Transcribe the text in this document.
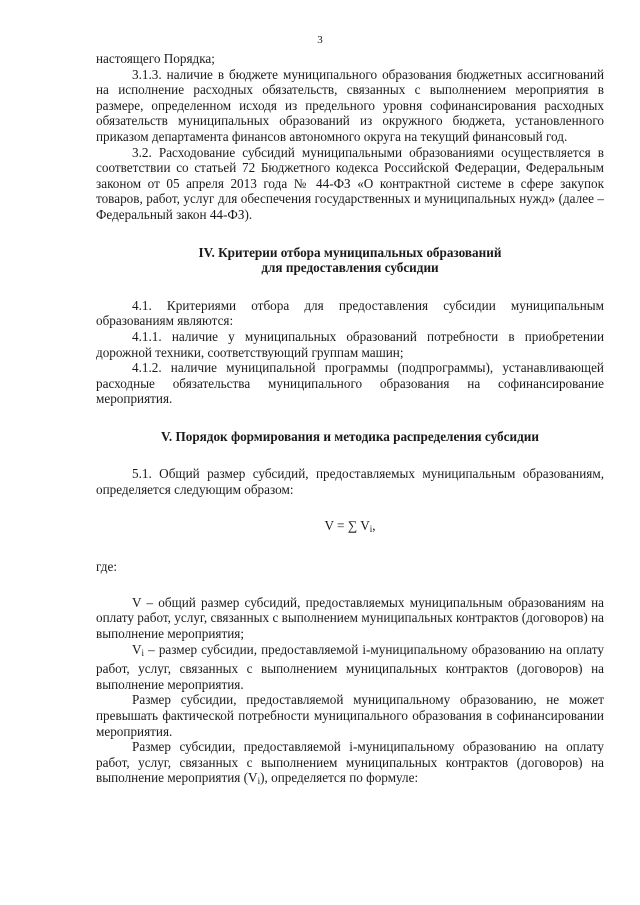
3

настоящего Порядка;

3.1.3. наличие в бюджете муниципального образования бюджетных ассигнований на исполнение расходных обязательств, связанных с выполнением мероприятия в размере, определенном исходя из предельного уровня софинансирования расходных обязательств муниципальных образований из окружного бюджета, установленного приказом департамента финансов автономного округа на текущий финансовый год.

3.2. Расходование субсидий муниципальными образованиями осуществляется в соответствии со статьей 72 Бюджетного кодекса Российской Федерации, Федеральным законом от 05 апреля 2013 года № 44-ФЗ «О контрактной системе в сфере закупок товаров, работ, услуг для обеспечения государственных и муниципальных нужд» (далее – Федеральный закон 44-ФЗ).

IV. Критерии отбора муниципальных образований
для предоставления субсидии

4.1. Критериями отбора для предоставления субсидии муниципальным образованиям являются:

4.1.1. наличие у муниципальных образований потребности в приобретении дорожной техники, соответствующий группам машин;

4.1.2. наличие муниципальной программы (подпрограммы), устанавливающей расходные обязательства муниципального образования на софинансирование мероприятия.

V. Порядок формирования и методика распределения субсидии

5.1. Общий размер субсидий, предоставляемых муниципальным образованиям, определяется следующим образом:

V = ∑ $V_i$,

где:

V – общий размер субсидий, предоставляемых муниципальным образованиям на оплату работ, услуг, связанных с выполнением муниципальных контрактов (договоров) на выполнение мероприятия;

$V_i$ – размер субсидии, предоставляемой i-муниципальному образованию на оплату работ, услуг, связанных с выполнением муниципальных контрактов (договоров) на выполнение мероприятия.

Размер субсидии, предоставляемой муниципальному образованию, не может превышать фактической потребности муниципального образования в софинансировании мероприятия.

Размер субсидии, предоставляемой i-муниципальному образованию на оплату работ, услуг, связанных с выполнением муниципальных контрактов (договоров) на выполнение мероприятия $(V_i)$, определяется по формуле:
